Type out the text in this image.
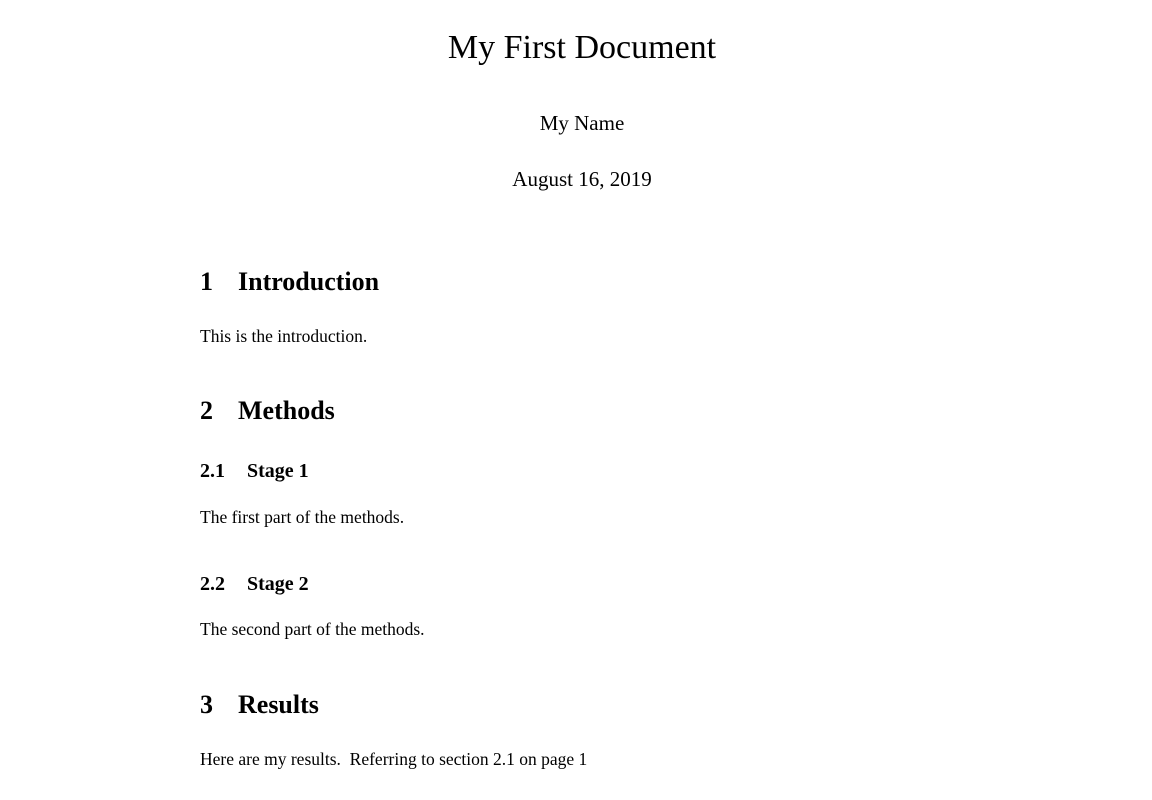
My First Document
My Name
August 16, 2019
1 Introduction
This is the introduction.
2 Methods
2.1 Stage 1
The first part of the methods.
2.2 Stage 2
The second part of the methods.
3 Results
Here are my results.  Referring to section 2.1 on page 1
